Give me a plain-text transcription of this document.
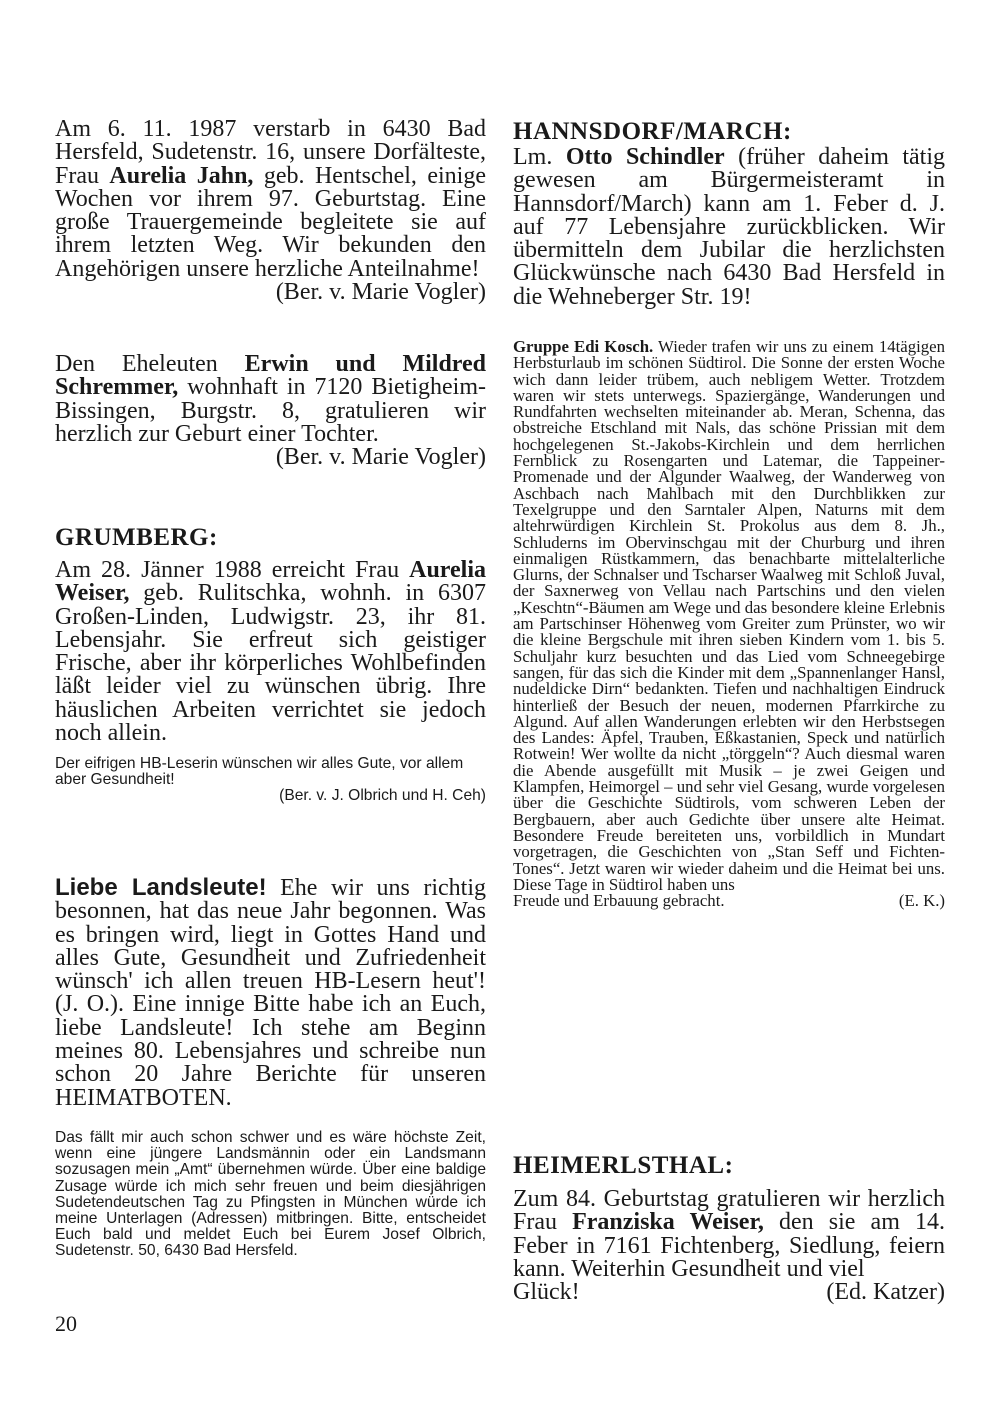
Am 6. 11. 1987 verstarb in 6430 Bad Hersfeld, Sudetenstr. 16, unsere Dorfälteste, Frau Aurelia Jahn, geb. Hentschel, einige Wochen vor ihrem 97. Geburtstag. Eine große Trauergemeinde begleitete sie auf ihrem letzten Weg. Wir bekunden den Angehörigen unsere herzliche Anteilnahme!

(Ber. v. Marie Vogler)

Den Eheleuten Erwin und Mildred Schremmer, wohnhaft in 7120 Bietigheim-Bissingen, Burgstr. 8, gratulieren wir herzlich zur Geburt einer Tochter.

(Ber. v. Marie Vogler)

GRUMBERG:

Am 28. Jänner 1988 erreicht Frau Aurelia Weiser, geb. Rulitschka, wohnh. in 6307 Großen-Linden, Ludwigstr. 23, ihr 81. Lebensjahr. Sie erfreut sich geistiger Frische, aber ihr körperliches Wohlbefinden läßt leider viel zu wünschen übrig. Ihre häuslichen Arbeiten verrichtet sie jedoch noch allein.

Der eifrigen HB-Leserin wünschen wir alles Gute, vor allem aber Gesundheit!

(Ber. v. J. Olbrich und H. Ceh)

Liebe Landsleute! Ehe wir uns richtig besonnen, hat das neue Jahr begonnen. Was es bringen wird, liegt in Gottes Hand und alles Gute, Gesundheit und Zufriedenheit wünsch' ich allen treuen HB-Lesern heut'! (J. O.). Eine innige Bitte habe ich an Euch, liebe Landsleute! Ich stehe am Beginn meines 80. Lebensjahres und schreibe nun schon 20 Jahre Berichte für unseren HEIMATBOTEN.

Das fällt mir auch schon schwer und es wäre höchste Zeit, wenn eine jüngere Landsmännin oder ein Landsmann sozusagen mein „Amt“ übernehmen würde. Über eine baldige Zusage würde ich mich sehr freuen und beim diesjährigen Sudetendeutschen Tag zu Pfingsten in München würde ich meine Unterlagen (Adressen) mitbringen. Bitte, entscheidet Euch bald und meldet Euch bei Eurem Josef Olbrich, Sudetenstr. 50, 6430 Bad Hersfeld.

20
HANNSDORF/MARCH:

Lm. Otto Schindler (früher daheim tätig gewesen am Bürgermeisteramt in Hannsdorf/March) kann am 1. Feber d. J. auf 77 Lebensjahre zurückblicken. Wir übermitteln dem Jubilar die herzlichsten Glückwünsche nach 6430 Bad Hersfeld in die Wehneberger Str. 19!

Gruppe Edi Kosch. Wieder trafen wir uns zu einem 14tägigen Herbsturlaub im schönen Südtirol. Die Sonne der ersten Woche wich dann leider trübem, auch nebligem Wetter. Trotzdem waren wir stets unterwegs. Spaziergänge, Wanderungen und Rundfahrten wechselten miteinander ab. Meran, Schenna, das obstreiche Etschland mit Nals, das schöne Prissian mit dem hochgelegenen St.-Jakobs-Kirchlein und dem herrlichen Fernblick zu Rosengarten und Latemar, die Tappeiner-Promenade und der Algunder Waalweg, der Wanderweg von Aschbach nach Mahlbach mit den Durchblikken zur Texelgruppe und den Sarntaler Alpen, Naturns mit dem altehrwürdigen Kirchlein St. Prokolus aus dem 8. Jh., Schluderns im Obervinschgau mit der Churburg und ihren einmaligen Rüstkammern, das benachbarte mittelalterliche Glurns, der Schnalser und Tscharser Waalweg mit Schloß Juval, der Saxnerweg von Vellau nach Partschins und den vielen „Keschtn“-Bäumen am Wege und das besondere kleine Erlebnis am Partschinser Höhenweg vom Greiter zum Prünster, wo wir die kleine Bergschule mit ihren sieben Kindern vom 1. bis 5. Schuljahr kurz besuchten und das Lied vom Schneegebirge sangen, für das sich die Kinder mit dem „Spannenlanger Hansl, nudeldicke Dirn“ bedankten. Tiefen und nachhaltigen Eindruck hinterließ der Besuch der neuen, modernen Pfarrkirche zu Algund. Auf allen Wanderungen erlebten wir den Herbstsegen des Landes: Äpfel, Trauben, Eßkastanien, Speck und natürlich Rotwein! Wer wollte da nicht „törggeln“? Auch diesmal waren die Abende ausgefüllt mit Musik – je zwei Geigen und Klampfen, Heimorgel – und sehr viel Gesang, wurde vorgelesen über die Geschichte Südtirols, vom schweren Leben der Bergbauern, aber auch Gedichte über unsere alte Heimat. Besondere Freude bereiteten uns, vorbildlich in Mundart vorgetragen, die Geschichten von „Stan Seff und Fichten-Tones“. Jetzt waren wir wieder daheim und die Heimat bei uns. Diese Tage in Südtirol haben uns

Freude und Erbauung gebracht.	(E. K.)
HEIMERLSTHAL:

Zum 84. Geburtstag gratulieren wir herzlich Frau Franziska Weiser, den sie am 14. Feber in 7161 Fichtenberg, Siedlung, feiern kann. Weiterhin Gesundheit und viel

Glück!	(Ed. Katzer)
